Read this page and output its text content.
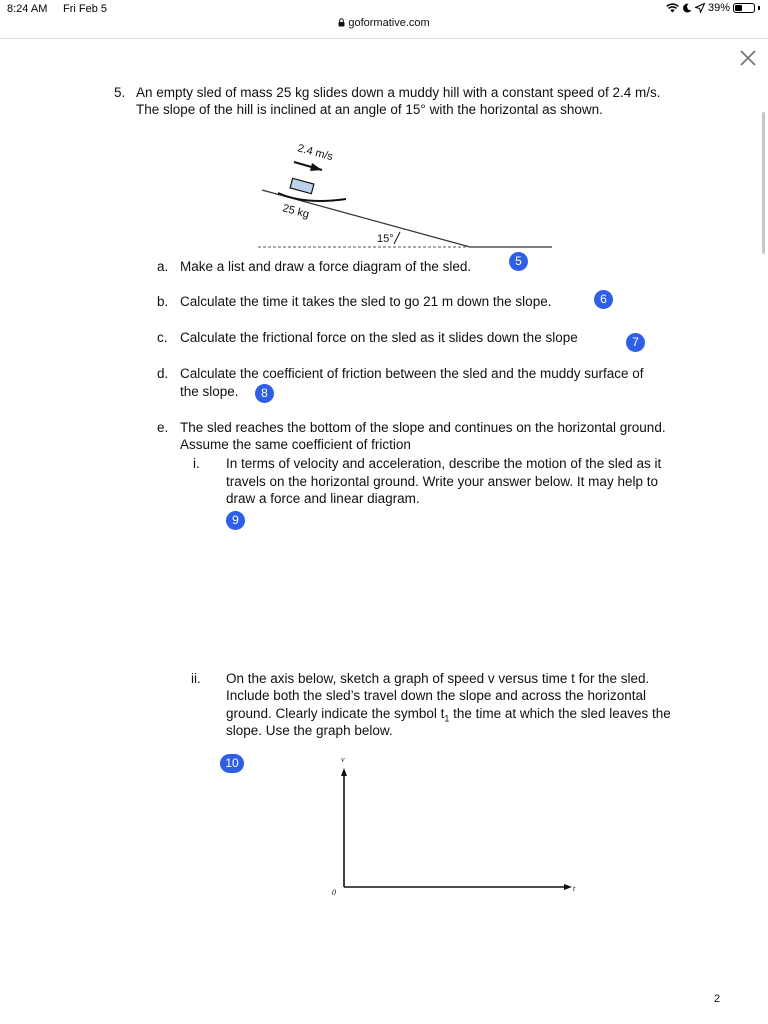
8:24 AM Fri Feb 5	39%
goformative.com
5. An empty sled of mass 25 kg slides down a muddy hill with a constant speed of 2.4 m/s.
The slope of the hill is inclined at an angle of 15° with the horizontal as shown.
2.4 m/s
25 kg
15°
a. Make a list and draw a force diagram of the sled.	5
b. Calculate the time it takes the sled to go 21 m down the slope.	6
c. Calculate the frictional force on the sled as it slides down the slope	7
d. Calculate the coefficient of friction between the sled and the muddy surface of
the slope.	8
e. The sled reaches the bottom of the slope and continues on the horizontal ground.
Assume the same coefficient of friction
i. In terms of velocity and acceleration, describe the motion of the sled as it
travels on the horizontal ground. Write your answer below. It may help to
draw a force and linear diagram.
9
ii. On the axis below, sketch a graph of speed v versus time t for the sled.
Include both the sled’s travel down the slope and across the horizontal
ground. Clearly indicate the symbol $t_1$ the time at which the sled leaves the
slope. Use the graph below.
10	v
t
0
2
